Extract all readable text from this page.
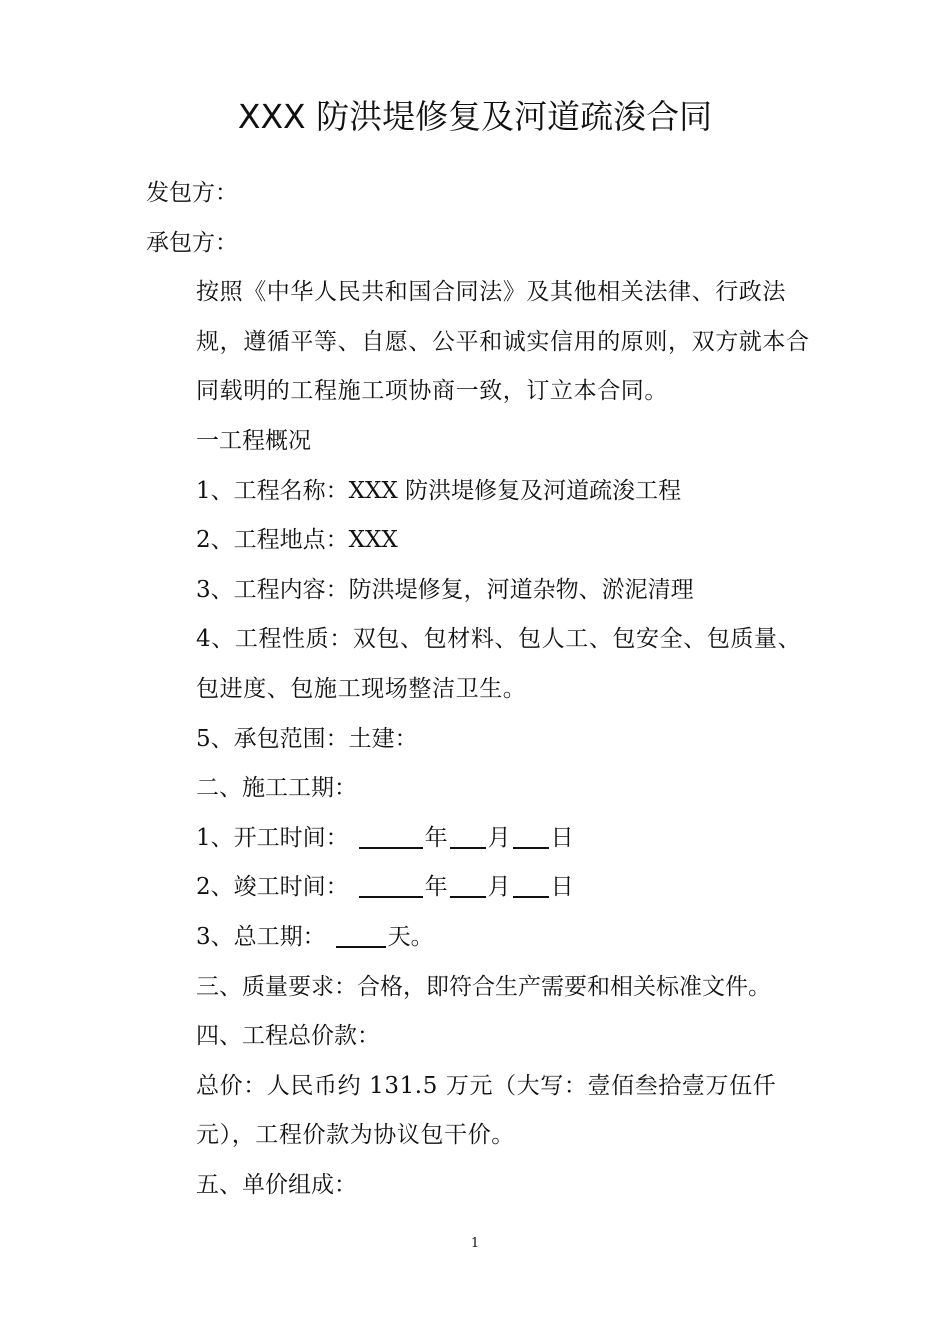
XXX 防洪堤修复及河道疏浚合同

发包方：

承包方：

按照《中华人民共和国合同法》及其他相关法律、行政法规，遵循平等、自愿、公平和诚实信用的原则，双方就本合同载明的工程施工项协商一致，订立本合同。

一工程概况

1、工程名称：XXX 防洪堤修复及河道疏浚工程

2、工程地点：XXX

3、工程内容：防洪堤修复，河道杂物、淤泥清理

4、工程性质：双包、包材料、包人工、包安全、包质量、包进度、包施工现场整洁卫生。

5、承包范围：土建：

二、施工工期：

1、开工时间：	年 月 日

2、竣工时间：	年 月 日

3、总工期：	天。

三、质量要求：合格，即符合生产需要和相关标准文件。

四、工程总价款：

总价：人民币约 131.5 万元（大写：壹佰叁拾壹万伍仟元），工程价款为协议包干价。

五、单价组成：

1
